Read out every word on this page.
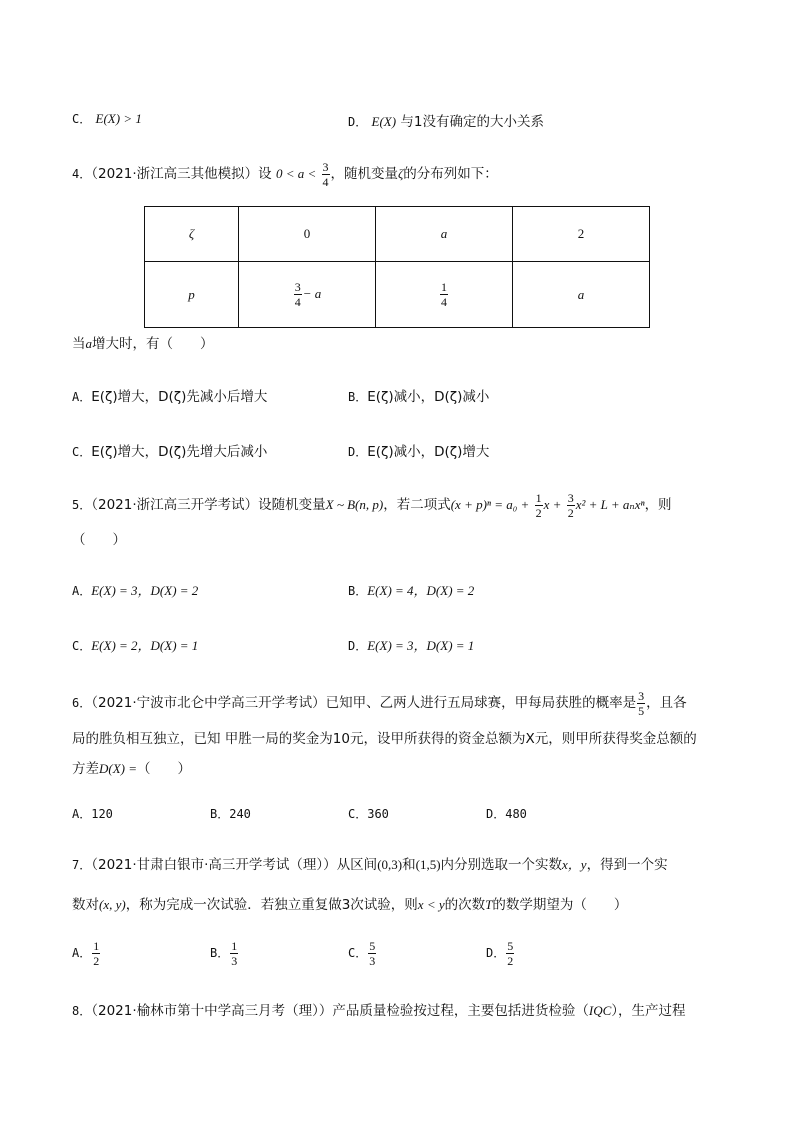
C． E(X) > 1	D． E(X) 与1没有确定的大小关系
4．（2021·浙江高三其他模拟）设 $0 < a < \frac{3}{4}$ ，随机变量ζ的分布列如下：
ζ	0	a	2
p	$\frac{3}{4} - a$	$\frac{1}{4}$	a
当a增大时，有（　　）
A．E(ζ)增大，D(ζ)先减小后增大	B．E(ζ)减小，D(ζ)减小
C．E(ζ)增大，D(ζ)先增大后减小	D．E(ζ)减小，D(ζ)增大
5．（2021·浙江高三开学考试）设随机变量X ~ B(n, p)，若二项式$(x + p)^n = a_0 + \frac{1}{2}$ $x + \frac{3}{2} x^2 + L + a_nx^n$，则
（　　）
A．E(X) = 3，D(X) = 2	B．E(X) = 4，D(X) = 2
C．E(X) = 2，D(X) = 1	D．E(X) = 3，D(X) = 1
6．（2021·宁波市北仑中学高三开学考试）已知甲、乙两人进行五局球赛，甲每局获胜的概率是 $\frac{3}{5}$ ，且各
局的胜负相互独立，已知 甲胜一局的奖金为10元，设甲所获得的资金总额为X元，则甲所获得奖金总额的
方差D(X) =（　　）
A．120	B．240	C．360	D．480
7．（2021·甘肃白银市·高三开学考试（理））从区间(0,3)和(1,5)内分别选取一个实数x，y，得到一个实
数对(x, y)，称为完成一次试验．若独立重复做3次试验，则x < y的次数T的数学期望为（　　）
A． $\frac{1}{2}$	B． $\frac{1}{3}$	C． $\frac{5}{3}$	D． $\frac{5}{2}$
8．（2021·榆林市第十中学高三月考（理））产品质量检验按过程，主要包括进货检验（IQC），生产过程
